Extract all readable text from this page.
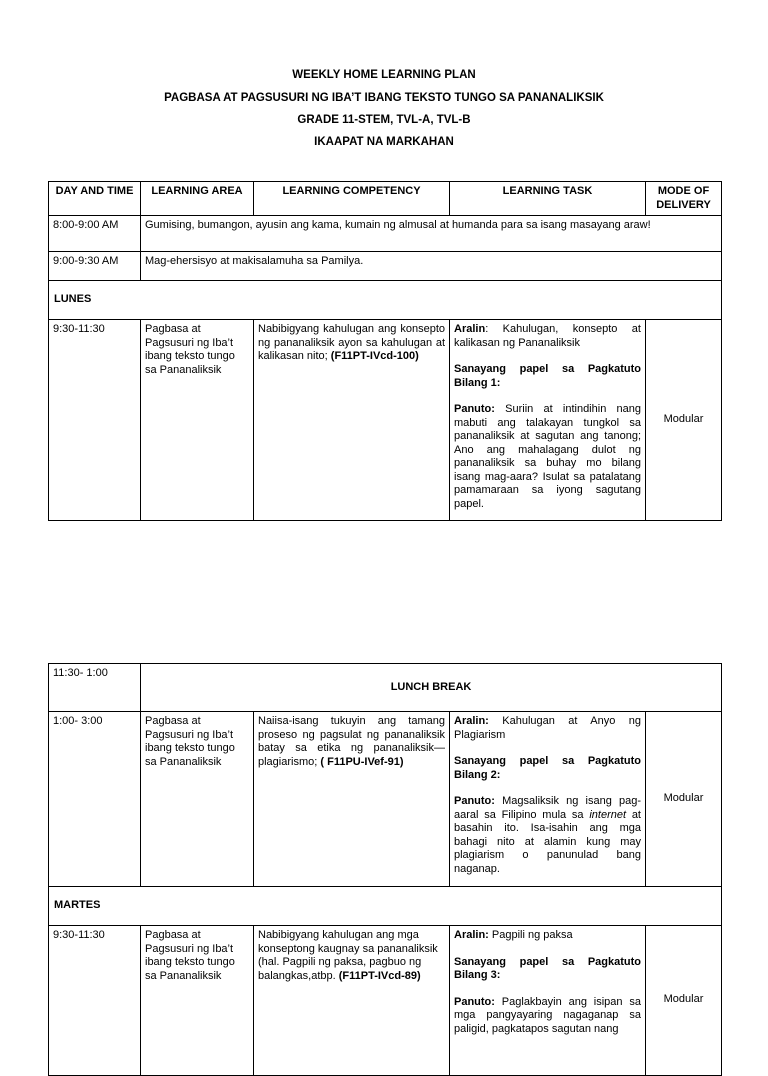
WEEKLY HOME LEARNING PLAN
PAGBASA AT PAGSUSURI NG IBA’T IBANG TEKSTO TUNGO SA PANANALIKSIK
GRADE 11-STEM, TVL-A, TVL-B
IKAAPAT NA MARKAHAN
DAY AND TIME	LEARNING AREA	LEARNING COMPETENCY	LEARNING TASK	MODE OF DELIVERY
8:00-9:00 AM	Gumising, bumangon, ayusin ang kama, kumain ng almusal at humanda para sa isang masayang araw!			
9:00-9:30 AM	Mag-ehersisyo at makisalamuha sa Pamilya.			
LUNES				
9:30-11:30	Pagbasa at Pagsusuri ng Iba’t ibang teksto tungo sa Pananaliksik	Nabibigyang kahulugan ang konsepto ng pananaliksik ayon sa kahulugan at kalikasan nito; (F11PT-IVcd-100)	Aralin: Kahulugan, konsepto at kalikasan ng Pananaliksik

Sanayang papel sa Pagkatuto Bilang 1:

Panuto: Suriin at intindihin nang mabuti ang talakayan tungkol sa pananaliksik at sagutan ang tanong; Ano ang mahalagang dulot ng pananaliksik sa buhay mo bilang isang mag-aara? Isulat sa patalatang pamamaraan sa iyong sagutang papel.	Modular
11:30- 1:00	LUNCH BREAK			
1:00- 3:00	Pagbasa at Pagsusuri ng Iba’t ibang teksto tungo sa Pananaliksik	Naiisa-isang tukuyin ang tamang proseso ng pagsulat ng pananaliksik batay sa etika ng pananaliksik—plagiarismo; ( F11PU-IVef-91)	Aralin: Kahulugan at Anyo ng Plagiarism

Sanayang papel sa Pagkatuto Bilang 2:

Panuto: Magsaliksik ng isang pag-aaral sa Filipino mula sa internet at basahin ito. Isa-isahin ang mga bahagi nito at alamin kung may plagiarism o panunulad bang naganap.	Modular
MARTES				
9:30-11:30	Pagbasa at Pagsusuri ng Iba’t ibang teksto tungo sa Pananaliksik	Nabibigyang kahulugan ang mga konseptong kaugnay sa pananaliksik (hal. Pagpili ng paksa, pagbuo ng balangkas,atbp. (F11PT-IVcd-89)	Aralin: Pagpili ng paksa

Sanayang papel sa Pagkatuto Bilang 3:

Panuto: Paglakbayin ang isipan sa mga pangyayaring nagaganap sa paligid, pagkatapos sagutan nang	Modular
